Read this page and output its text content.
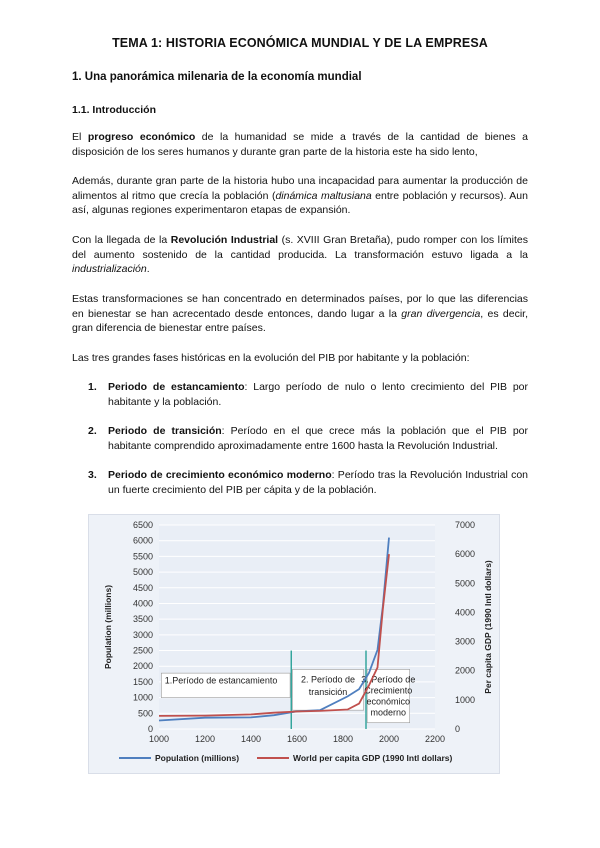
TEMA 1: HISTORIA ECONÓMICA MUNDIAL Y DE LA EMPRESA
1. Una panorámica milenaria de la economía mundial
1.1. Introducción
El progreso económico de la humanidad se mide a través de la cantidad de bienes a disposición de los seres humanos y durante gran parte de la historia este ha sido lento,
Además, durante gran parte de la historia hubo una incapacidad para aumentar la producción de alimentos al ritmo que crecía la población (dinámica maltusiana entre población y recursos). Aun así, algunas regiones experimentaron etapas de expansión.
Con la llegada de la Revolución Industrial (s. XVIII Gran Bretaña), pudo romper con los límites del aumento sostenido de la cantidad producida. La transformación estuvo ligada a la industrialización.
Estas transformaciones se han concentrado en determinados países, por lo que las diferencias en bienestar se han acrecentado desde entonces, dando lugar a la gran divergencia, es decir, gran diferencia de bienestar entre países.
Las tres grandes fases históricas en la evolución del PIB por habitante y la población:
1. Periodo de estancamiento: Largo período de nulo o lento crecimiento del PIB por habitante y la población.
2. Periodo de transición: Período en el que crece más la población que el PIB por habitante comprendido aproximadamente entre 1600 hasta la Revolución Industrial.
3. Periodo de crecimiento económico moderno: Período tras la Revolución Industrial con un fuerte crecimiento del PIB per cápita y de la población.
0
500
1000
1500
2000
2500
3000
3500
4000
4500
5000
5500
6000
6500
0
1000
2000
3000
4000
5000
6000
7000
1000	1200	1400	1600	1800	2000	2200
Population (millions)	Per capita GDP (1990 Intl dollars)
1.Período de estancamiento	2. Período de
transición
3. Período de
Crecimiento
económico
moderno
Population (millions)	World per capita GDP (1990 Intl dollars)
